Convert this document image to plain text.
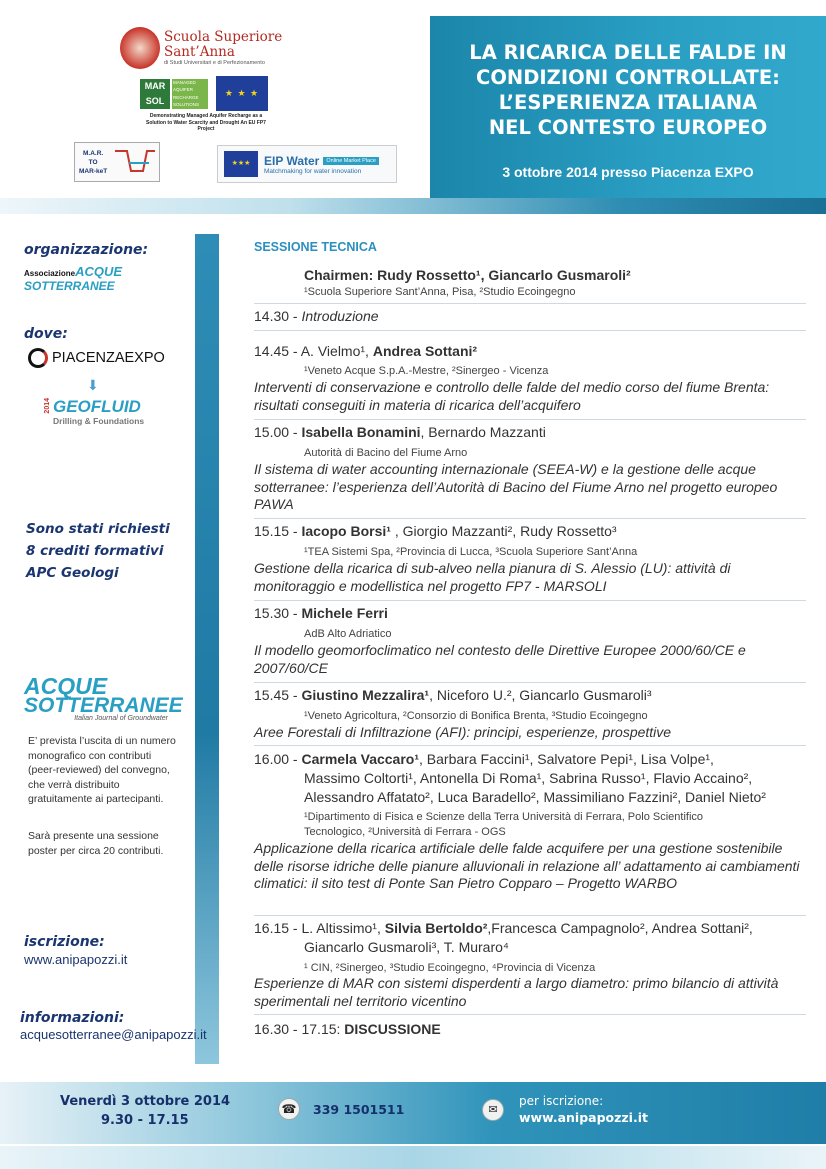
Scuola Superiore
Sant’Anna
di Studi Universitari e di Perfezionamento
MAR
SOL
MANAGED
AQUIFER
RECHARGE
SOLUTIONS
★ ★ ★
Demonstrating Managed Aquifer Recharge as a Solution to Water Scarcity and Drought An EU FP7 Project
M.A.R.
TO
MAR-keT
★★★	EIP Water	Online Market Place
Matchmaking for water innovation
LA RICARICA DELLE FALDE IN
CONDIZIONI CONTROLLATE:
L’ESPERIENZA ITALIANA
NEL CONTESTO EUROPEO
3 ottobre 2014 presso Piacenza EXPO
organizzazione:
Associazione ACQUE
SOTTERRANEE
dove:
PIACENZAEXPO
⬇
2014 GEOFLUID
Drilling & Foundations
Sono stati richiesti
8 crediti formativi
APC Geologi
ACQUE
SOTTERRANEE
Italian Journal of Groundwater
E’ prevista l’uscita di un numero monografico con contributi (peer-reviewed) del convegno, che verrà distribuito gratuitamente ai partecipanti.
Sarà presente una sessione poster per circa 20 contributi.
iscrizione:
www.anipapozzi.it
informazioni:
acquesotterranee@anipapozzi.it
SESSIONE TECNICA
Chairmen: Rudy Rossetto¹, Giancarlo Gusmaroli²
¹Scuola Superiore Sant’Anna, Pisa, ²Studio Ecoingegno
14.30 - Introduzione
14.45 - A. Vielmo¹, Andrea Sottani²
¹Veneto Acque S.p.A.-Mestre, ²Sinergeo - Vicenza
Interventi di conservazione e controllo delle falde del medio corso del fiume Brenta: risultati conseguiti in materia di ricarica dell’acquifero
15.00 - Isabella Bonamini, Bernardo Mazzanti
Autorità di Bacino del Fiume Arno
Il sistema di water accounting internazionale (SEEA-W) e la gestione delle acque sotterranee: l’esperienza dell’Autorità di Bacino del Fiume Arno nel progetto europeo PAWA
15.15 - Iacopo Borsi¹ , Giorgio Mazzanti², Rudy Rossetto³
¹TEA Sistemi Spa, ²Provincia di Lucca, ³Scuola Superiore Sant’Anna
Gestione della ricarica di sub-alveo nella pianura di S. Alessio (LU): attività di monitoraggio e modellistica nel progetto FP7 - MARSOLI
15.30 - Michele Ferri
AdB Alto Adriatico
Il modello geomorfoclimatico nel contesto delle Direttive Europee 2000/60/CE e 2007/60/CE
15.45 - Giustino Mezzalira¹, Niceforo U.², Giancarlo Gusmaroli³
¹Veneto Agricoltura, ²Consorzio di Bonifica Brenta, ³Studio Ecoingegno
Aree Forestali di Infiltrazione (AFI): principi, esperienze, prospettive
16.00 - Carmela Vaccaro¹, Barbara Faccini¹, Salvatore Pepi¹, Lisa Volpe¹,
Massimo Coltorti¹, Antonella Di Roma¹, Sabrina Russo¹, Flavio Accaino²,
Alessandro Affatato², Luca Baradello², Massimiliano Fazzini², Daniel Nieto²
¹Dipartimento di Fisica e Scienze della Terra Università di Ferrara, Polo Scientifico
Tecnologico, ²Università di Ferrara - OGS
Applicazione della ricarica artificiale delle falde acquifere per una gestione sostenibile delle risorse idriche delle pianure alluvionali in relazione all’ adattamento ai cambiamenti climatici: il sito test di Ponte San Pietro Copparo – Progetto WARBO
16.15 - L. Altissimo¹, Silvia Bertoldo²,Francesca Campagnolo², Andrea Sottani²,
Giancarlo Gusmaroli³, T. Muraro⁴
¹ CIN, ²Sinergeo, ³Studio Ecoingegno, ⁴Provincia di Vicenza
Esperienze di MAR con sistemi disperdenti a largo diametro: primo bilancio di attività sperimentali nel territorio vicentino
16.30 - 17.15: DISCUSSIONE
Venerdì 3 ottobre 2014
9.30 - 17.15
☎ 339 1501511	✉
per iscrizione:
www.anipapozzi.it
